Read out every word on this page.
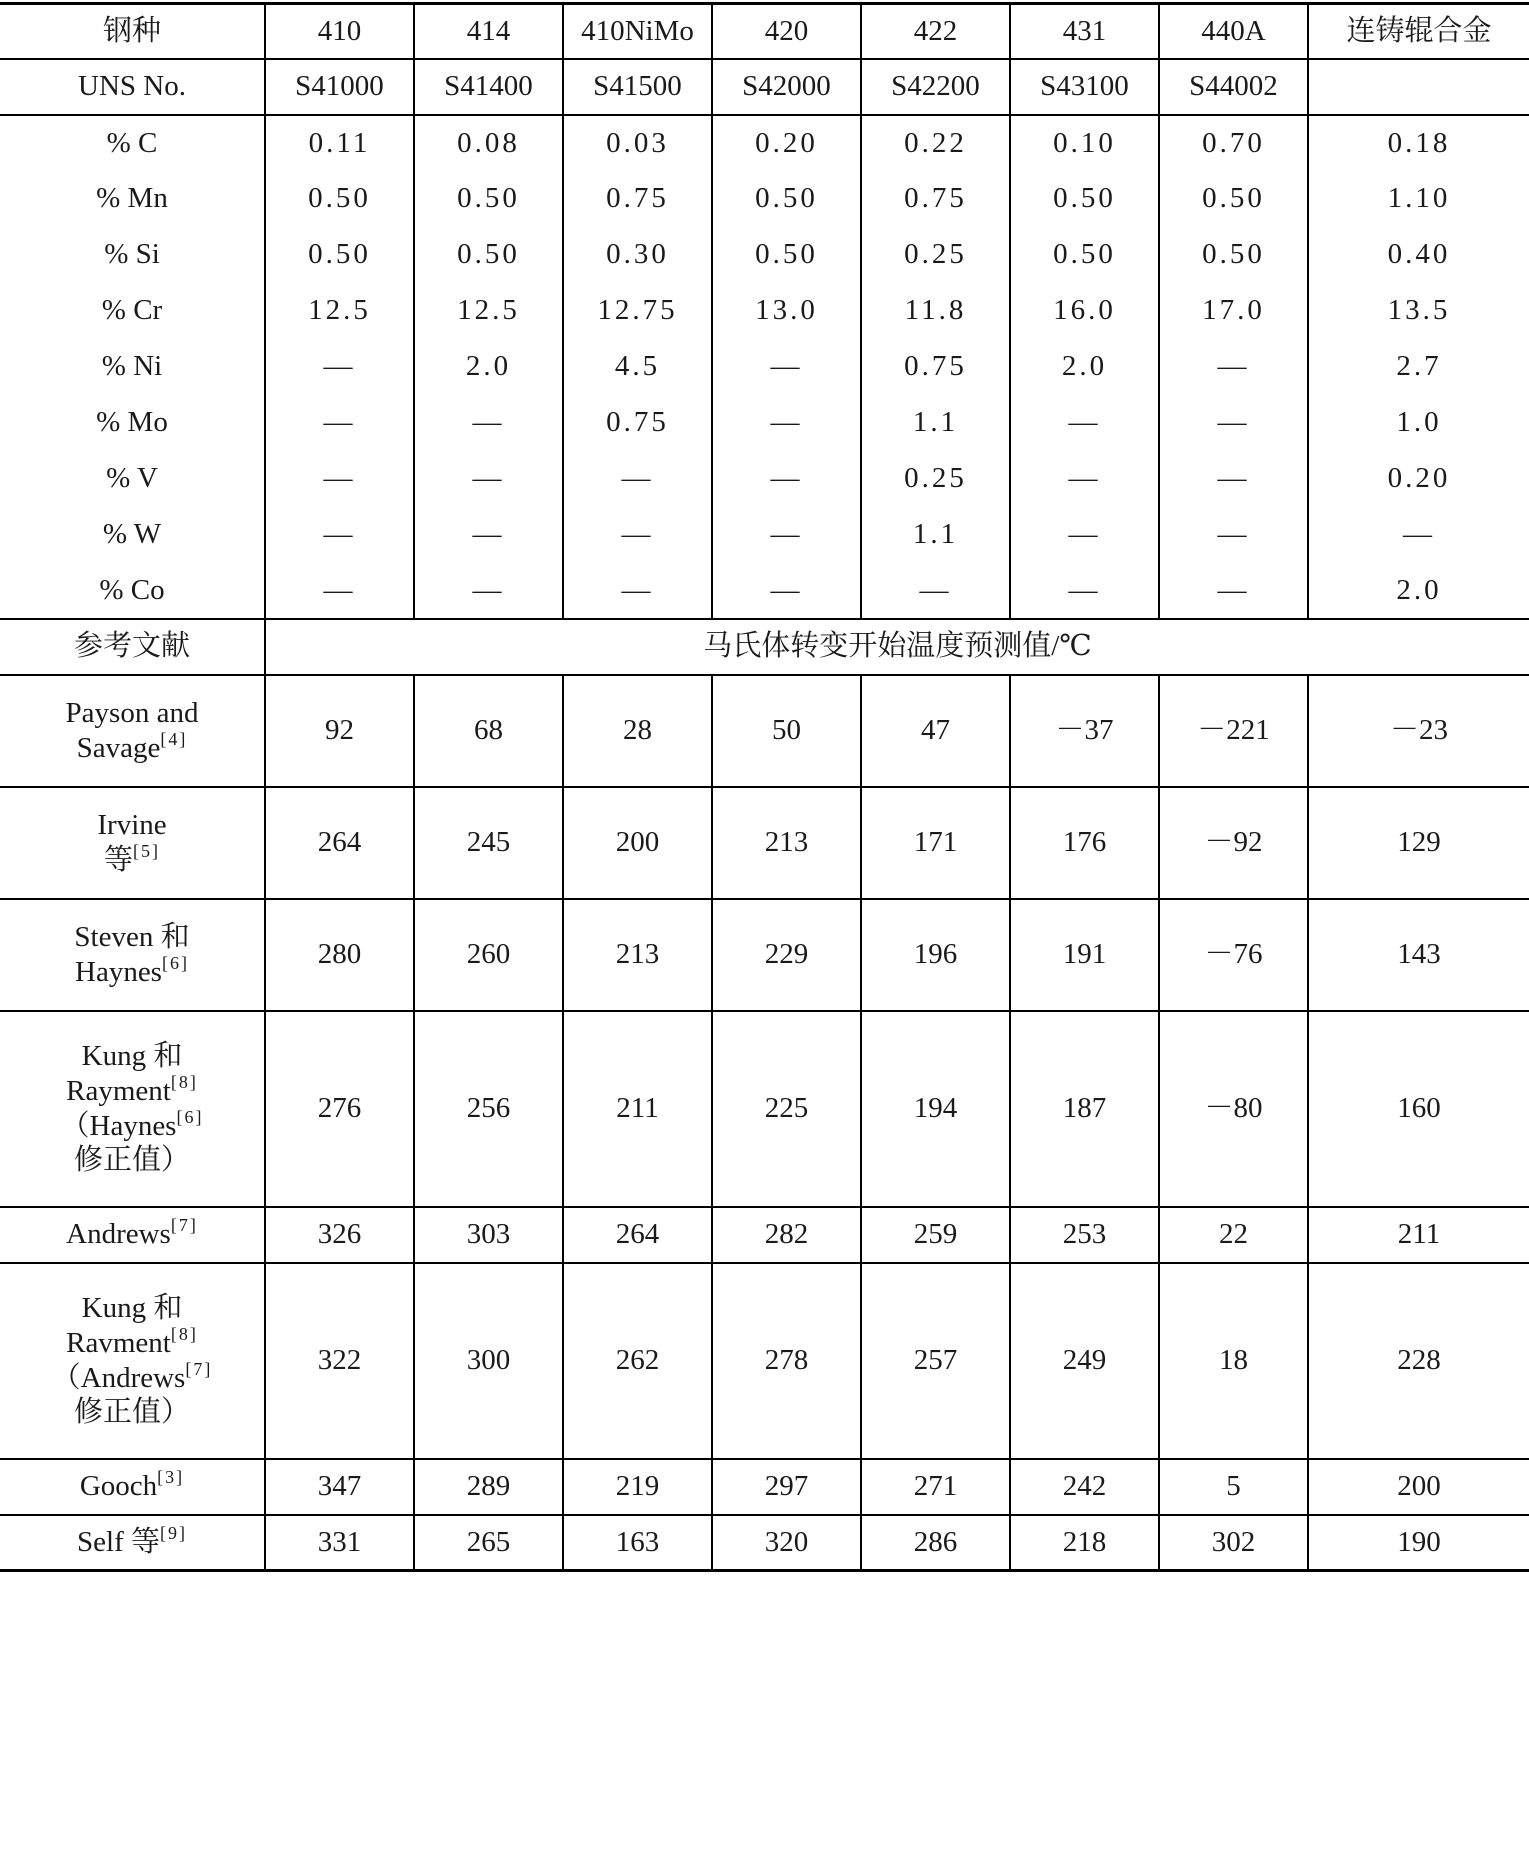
钢种	410	414	410NiMo	420	422	431	440A	连铸辊合金
UNS No.	S41000	S41400	S41500	S42000	S42200	S43100	S44002	
% C	0.11	0.08	0.03	0.20	0.22	0.10	0.70	0.18
% Mn	0.50	0.50	0.75	0.50	0.75	0.50	0.50	1.10
% Si	0.50	0.50	0.30	0.50	0.25	0.50	0.50	0.40
% Cr	12.5	12.5	12.75	13.0	11.8	16.0	17.0	13.5
% Ni	—	2.0	4.5	—	0.75	2.0	—	2.7
% Mo	—	—	0.75	—	1.1	—	—	1.0
% V	—	—	—	—	0.25	—	—	0.20
% W	—	—	—	—	1.1	—	—	—
% Co	—	—	—	—	—	—	—	2.0
参考文献	马氏体转变开始温度预测值/℃							

Payson and
Savage[4]	92	68	28	50	47	－37	－221	－23

Irvine
等[5]	264	245	200	213	171	176	－92	129

Steven 和
Haynes[6]	280	260	213	229	196	191	－76	143

Kung 和
Rayment[8]
（Haynes[6]
修正值）	276	256	211	225	194	187	－80	160

Andrews[7]	326	303	264	282	259	253	22	211

Kung 和
Ravment[8]
（Andrews[7]
修正值）	322	300	262	278	257	249	18	228

Gooch[3]	347	289	219	297	271	242	5	200

Self 等[9]	331	265	163	320	286	218	302	190
